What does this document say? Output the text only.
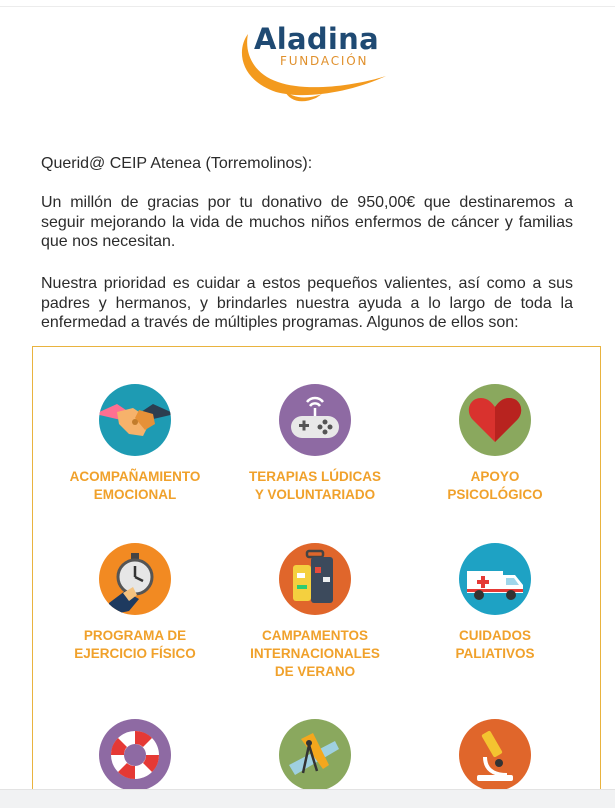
Aladina
FUNDACIÓN
Querid@ CEIP Atenea (Torremolinos):
Un millón de gracias por tu donativo de 950,00€ que destinaremos a seguir mejorando la vida de muchos niños enfermos de cáncer y familias que nos necesitan.
Nuestra prioridad es cuidar a estos pequeños valientes, así como a sus padres y hermanos, y brindarles nuestra ayuda a lo largo de toda la enfermedad a través de múltiples programas. Algunos de ellos son:
ACOMPAÑAMIENTO
EMOCIONAL
TERAPIAS LÚDICAS
Y VOLUNTARIADO
APOYO
PSICOLÓGICO
PROGRAMA DE
EJERCICIO FÍSICO
CAMPAMENTOS
INTERNACIONALES
DE VERANO
CUIDADOS
PALIATIVOS
